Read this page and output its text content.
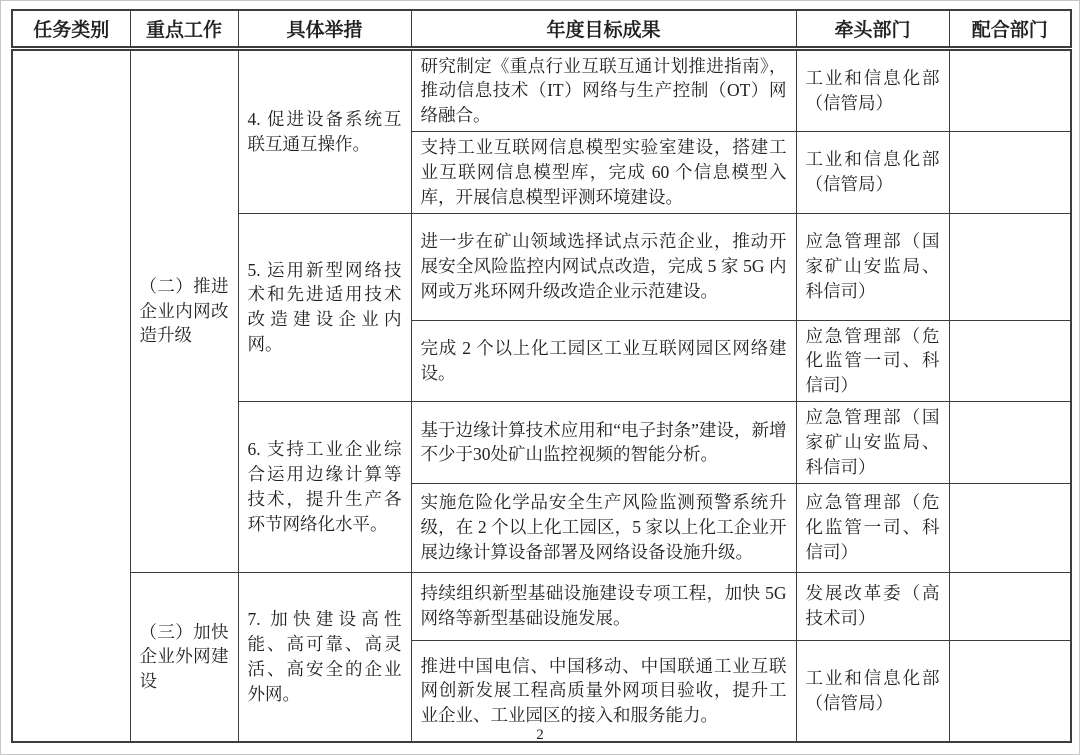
任务类别	重点工作	具体举措	年度目标成果	牵头部门	配合部门
	（二）推进企业内网改造升级	4. 促进设备系统互联互通互操作。	研究制定《重点行业互联互通计划推进指南》，推动信息技术（IT）网络与生产控制（OT）网络融合。	工业和信息化部（信管局）	
			支持工业互联网信息模型实验室建设，搭建工业互联网信息模型库，完成 60 个信息模型入库，开展信息模型评测环境建设。	工业和信息化部（信管局）	
		5. 运用新型网络技术和先进适用技术改造建设企业内网。	进一步在矿山领域选择试点示范企业，推动开展安全风险监控内网试点改造，完成 5 家 5G 内网或万兆环网升级改造企业示范建设。	应急管理部（国家矿山安监局、科信司）	
			完成 2 个以上化工园区工业互联网园区网络建设。	应急管理部（危化监管一司、科信司）	
		6. 支持工业企业综合运用边缘计算等技术，提升生产各环节网络化水平。	基于边缘计算技术应用和“电子封条”建设，新增不少于30处矿山监控视频的智能分析。	应急管理部（国家矿山安监局、科信司）	
			实施危险化学品安全生产风险监测预警系统升级，在 2 个以上化工园区，5 家以上化工企业开展边缘计算设备部署及网络设备设施升级。	应急管理部（危化监管一司、科信司）	
	（三）加快企业外网建设	7. 加快建设高性能、高可靠、高灵活、高安全的企业外网。	持续组织新型基础设施建设专项工程，加快 5G 网络等新型基础设施发展。	发展改革委（高技术司）	
			推进中国电信、中国移动、中国联通工业互联网创新发展工程高质量外网项目验收，提升工业企业、工业园区的接入和服务能力。	工业和信息化部（信管局）	
2
